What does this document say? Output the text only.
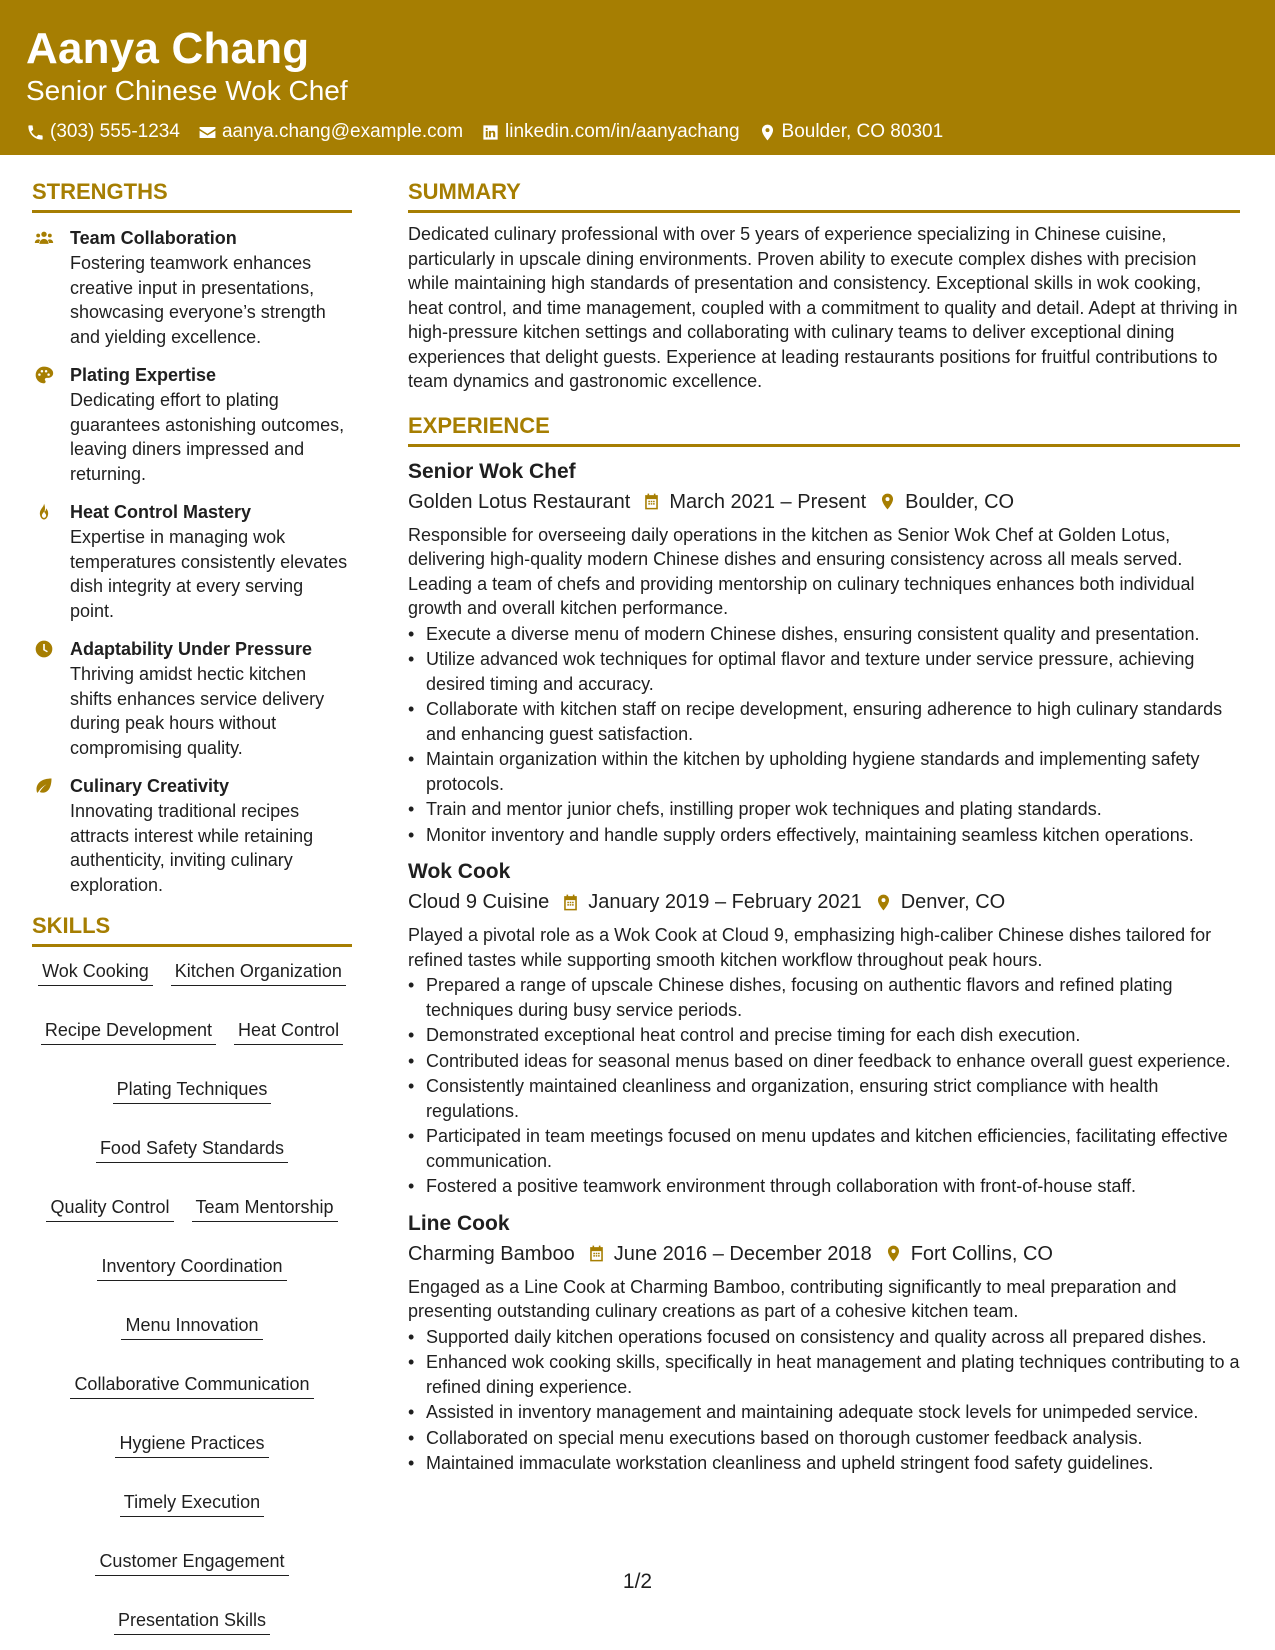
Aanya Chang
Senior Chinese Wok Chef
(303) 555-1234 aanya.chang@example.com linkedin.com/in/aanyachang Boulder, CO 80301
STRENGTHS
Team Collaboration
Fostering teamwork enhances creative input in presentations, showcasing everyone’s strength and yielding excellence.
Plating Expertise
Dedicating effort to plating guarantees astonishing outcomes, leaving diners impressed and returning.
Heat Control Mastery
Expertise in managing wok temperatures consistently elevates dish integrity at every serving point.
Adaptability Under Pressure
Thriving amidst hectic kitchen shifts enhances service delivery during peak hours without compromising quality.
Culinary Creativity
Innovating traditional recipes attracts interest while retaining authenticity, inviting culinary exploration.
SKILLS
Wok Cooking Kitchen Organization
Recipe Development Heat Control
Plating Techniques
Food Safety Standards
Quality Control Team Mentorship
Inventory Coordination
Menu Innovation
Collaborative Communication
Hygiene Practices
Timely Execution
Customer Engagement
Presentation Skills
SUMMARY
Dedicated culinary professional with over 5 years of experience specializing in Chinese cuisine, particularly in upscale dining environments. Proven ability to execute complex dishes with precision while maintaining high standards of presentation and consistency. Exceptional skills in wok cooking, heat control, and time management, coupled with a commitment to quality and detail. Adept at thriving in high-pressure kitchen settings and collaborating with culinary teams to deliver exceptional dining experiences that delight guests. Experience at leading restaurants positions for fruitful contributions to team dynamics and gastronomic excellence.
EXPERIENCE
Senior Wok Chef
Golden Lotus Restaurant March 2021 – Present Boulder, CO
Responsible for overseeing daily operations in the kitchen as Senior Wok Chef at Golden Lotus, delivering high-quality modern Chinese dishes and ensuring consistency across all meals served. Leading a team of chefs and providing mentorship on culinary techniques enhances both individual growth and overall kitchen performance.
• Execute a diverse menu of modern Chinese dishes, ensuring consistent quality and presentation.
• Utilize advanced wok techniques for optimal flavor and texture under service pressure, achieving desired timing and accuracy.
• Collaborate with kitchen staff on recipe development, ensuring adherence to high culinary standards and enhancing guest satisfaction.
• Maintain organization within the kitchen by upholding hygiene standards and implementing safety protocols.
• Train and mentor junior chefs, instilling proper wok techniques and plating standards.
• Monitor inventory and handle supply orders effectively, maintaining seamless kitchen operations.
Wok Cook
Cloud 9 Cuisine January 2019 – February 2021 Denver, CO
Played a pivotal role as a Wok Cook at Cloud 9, emphasizing high-caliber Chinese dishes tailored for refined tastes while supporting smooth kitchen workflow throughout peak hours.
• Prepared a range of upscale Chinese dishes, focusing on authentic flavors and refined plating techniques during busy service periods.
• Demonstrated exceptional heat control and precise timing for each dish execution.
• Contributed ideas for seasonal menus based on diner feedback to enhance overall guest experience.
• Consistently maintained cleanliness and organization, ensuring strict compliance with health regulations.
• Participated in team meetings focused on menu updates and kitchen efficiencies, facilitating effective communication.
• Fostered a positive teamwork environment through collaboration with front-of-house staff.
Line Cook
Charming Bamboo June 2016 – December 2018 Fort Collins, CO
Engaged as a Line Cook at Charming Bamboo, contributing significantly to meal preparation and presenting outstanding culinary creations as part of a cohesive kitchen team.
• Supported daily kitchen operations focused on consistency and quality across all prepared dishes.
• Enhanced wok cooking skills, specifically in heat management and plating techniques contributing to a refined dining experience.
• Assisted in inventory management and maintaining adequate stock levels for unimpeded service.
• Collaborated on special menu executions based on thorough customer feedback analysis.
• Maintained immaculate workstation cleanliness and upheld stringent food safety guidelines.
1/2
